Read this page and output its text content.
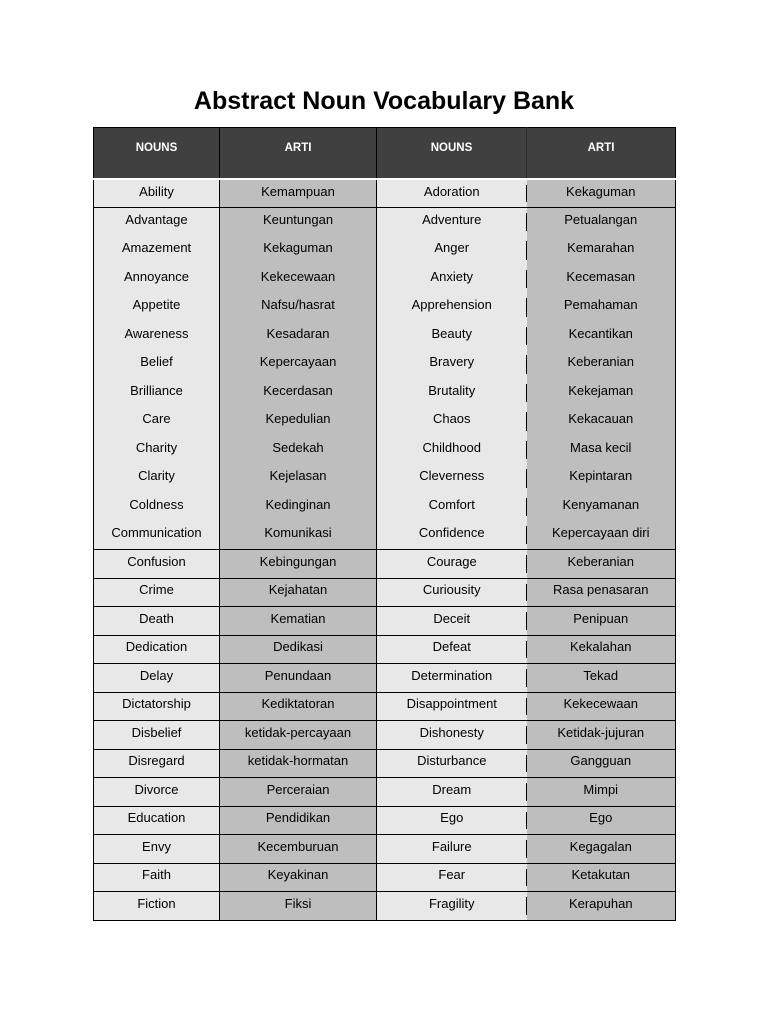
Abstract Noun Vocabulary Bank
NOUNS	ARTI	NOUNS	ARTI
Ability	Kemampuan	Adoration	Kekaguman
Advantage	Keuntungan	Adventure	Petualangan
Amazement	Kekaguman	Anger	Kemarahan
Annoyance	Kekecewaan	Anxiety	Kecemasan
Appetite	Nafsu/hasrat	Apprehension	Pemahaman
Awareness	Kesadaran	Beauty	Kecantikan
Belief	Kepercayaan	Bravery	Keberanian
Brilliance	Kecerdasan	Brutality	Kekejaman
Care	Kepedulian	Chaos	Kekacauan
Charity	Sedekah	Childhood	Masa kecil
Clarity	Kejelasan	Cleverness	Kepintaran
Coldness	Kedinginan	Comfort	Kenyamanan
Communication	Komunikasi	Confidence	Kepercayaan diri
Confusion	Kebingungan	Courage	Keberanian
Crime	Kejahatan	Curiousity	Rasa penasaran
Death	Kematian	Deceit	Penipuan
Dedication	Dedikasi	Defeat	Kekalahan
Delay	Penundaan	Determination	Tekad
Dictatorship	Kediktatoran	Disappointment	Kekecewaan
Disbelief	ketidak-percayaan	Dishonesty	Ketidak-jujuran
Disregard	ketidak-hormatan	Disturbance	Gangguan
Divorce	Perceraian	Dream	Mimpi
Education	Pendidikan	Ego	Ego
Envy	Kecemburuan	Failure	Kegagalan
Faith	Keyakinan	Fear	Ketakutan
Fiction	Fiksi	Fragility	Kerapuhan
